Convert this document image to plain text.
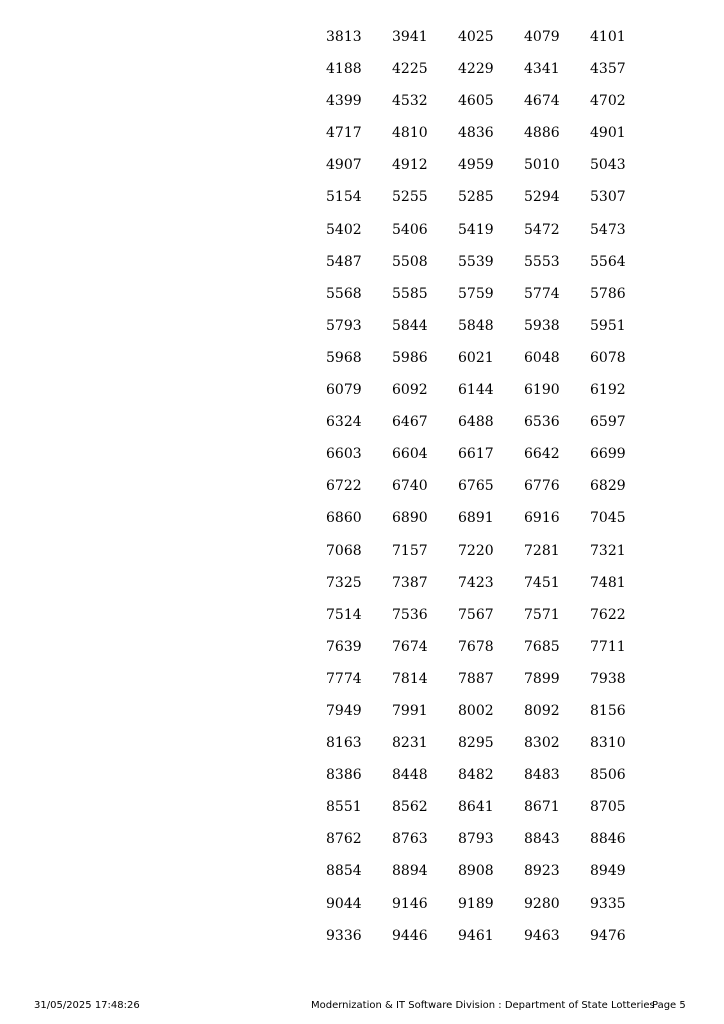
3813	3941	4025	4079	4101
4188	4225	4229	4341	4357
4399	4532	4605	4674	4702
4717	4810	4836	4886	4901
4907	4912	4959	5010	5043
5154	5255	5285	5294	5307
5402	5406	5419	5472	5473
5487	5508	5539	5553	5564
5568	5585	5759	5774	5786
5793	5844	5848	5938	5951
5968	5986	6021	6048	6078
6079	6092	6144	6190	6192
6324	6467	6488	6536	6597
6603	6604	6617	6642	6699
6722	6740	6765	6776	6829
6860	6890	6891	6916	7045
7068	7157	7220	7281	7321
7325	7387	7423	7451	7481
7514	7536	7567	7571	7622
7639	7674	7678	7685	7711
7774	7814	7887	7899	7938
7949	7991	8002	8092	8156
8163	8231	8295	8302	8310
8386	8448	8482	8483	8506
8551	8562	8641	8671	8705
8762	8763	8793	8843	8846
8854	8894	8908	8923	8949
9044	9146	9189	9280	9335
9336	9446	9461	9463	9476
31/05/2025 17:48:26	Modernization & IT Software Division : Department of State Lotteries
Page 5
